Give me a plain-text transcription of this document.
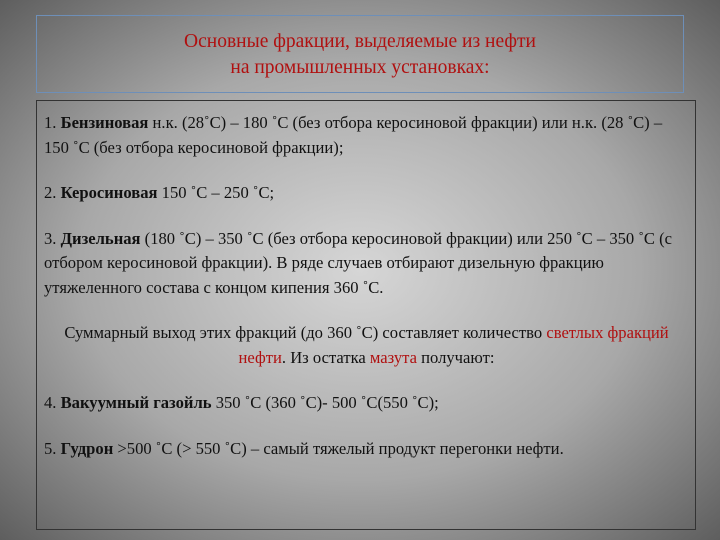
Основные фракции, выделяемые из нефти
на промышленных установках:

1. Бензиновая н.к. (28˚С) – 180 ˚С (без отбора керосиновой фракции) или н.к. (28 ˚С) – 150 ˚С (без отбора керосиновой фракции);

2. Керосиновая 150 ˚С – 250 ˚С;

3. Дизельная (180 ˚С) – 350 ˚С (без отбора керосиновой фракции) или 250 ˚С – 350 ˚С (с отбором керосиновой фракции). В ряде случаев отбирают дизельную фракцию утяжеленного состава с концом кипения 360 ˚С.

Суммарный выход этих фракций (до 360 ˚С) составляет количество светлых фракций нефти. Из остатка мазута получают:

4. Вакуумный газойль 350 ˚С (360 ˚С)- 500 ˚С(550 ˚С);

5. Гудрон >500 ˚С (> 550 ˚С) – самый тяжелый продукт перегонки нефти.
